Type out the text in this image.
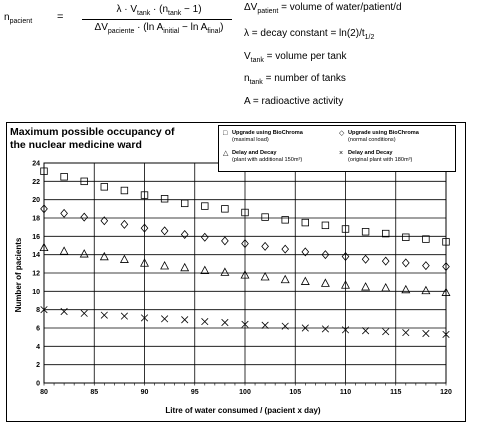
$n_{pacient}$ =
$\lambda \cdot V_{tank} \cdot (n_{tank} - 1)$
$\Delta V_{paciente} \cdot (\ln$ $A_{initial} - \ln A_{final}$)
$\Delta V_{patient}$ = volume of water/patient/d
λ = decay constant = $\ln(2)/t_{1/2}$
$V_{tank}$ = volume per tank
$n_{tank}$ = number of tanks
A = radioactive activity
0
2
4
6
8
10
12
14
16
18
20
22
24
80	85	90	95	100	105	110	115	120
Litre of water consumed / (pacient x day)
Number of pacients
Maximum possible occupancy of
the nuclear medicine ward
□ Upgrade using BioChroma
(maximal load)
◇ Upgrade using BioChroma
(normal conditions)
△ Delay and Decay
(plant with additional 150m³)
× Delay and Decay
(original plant with 180m³)
